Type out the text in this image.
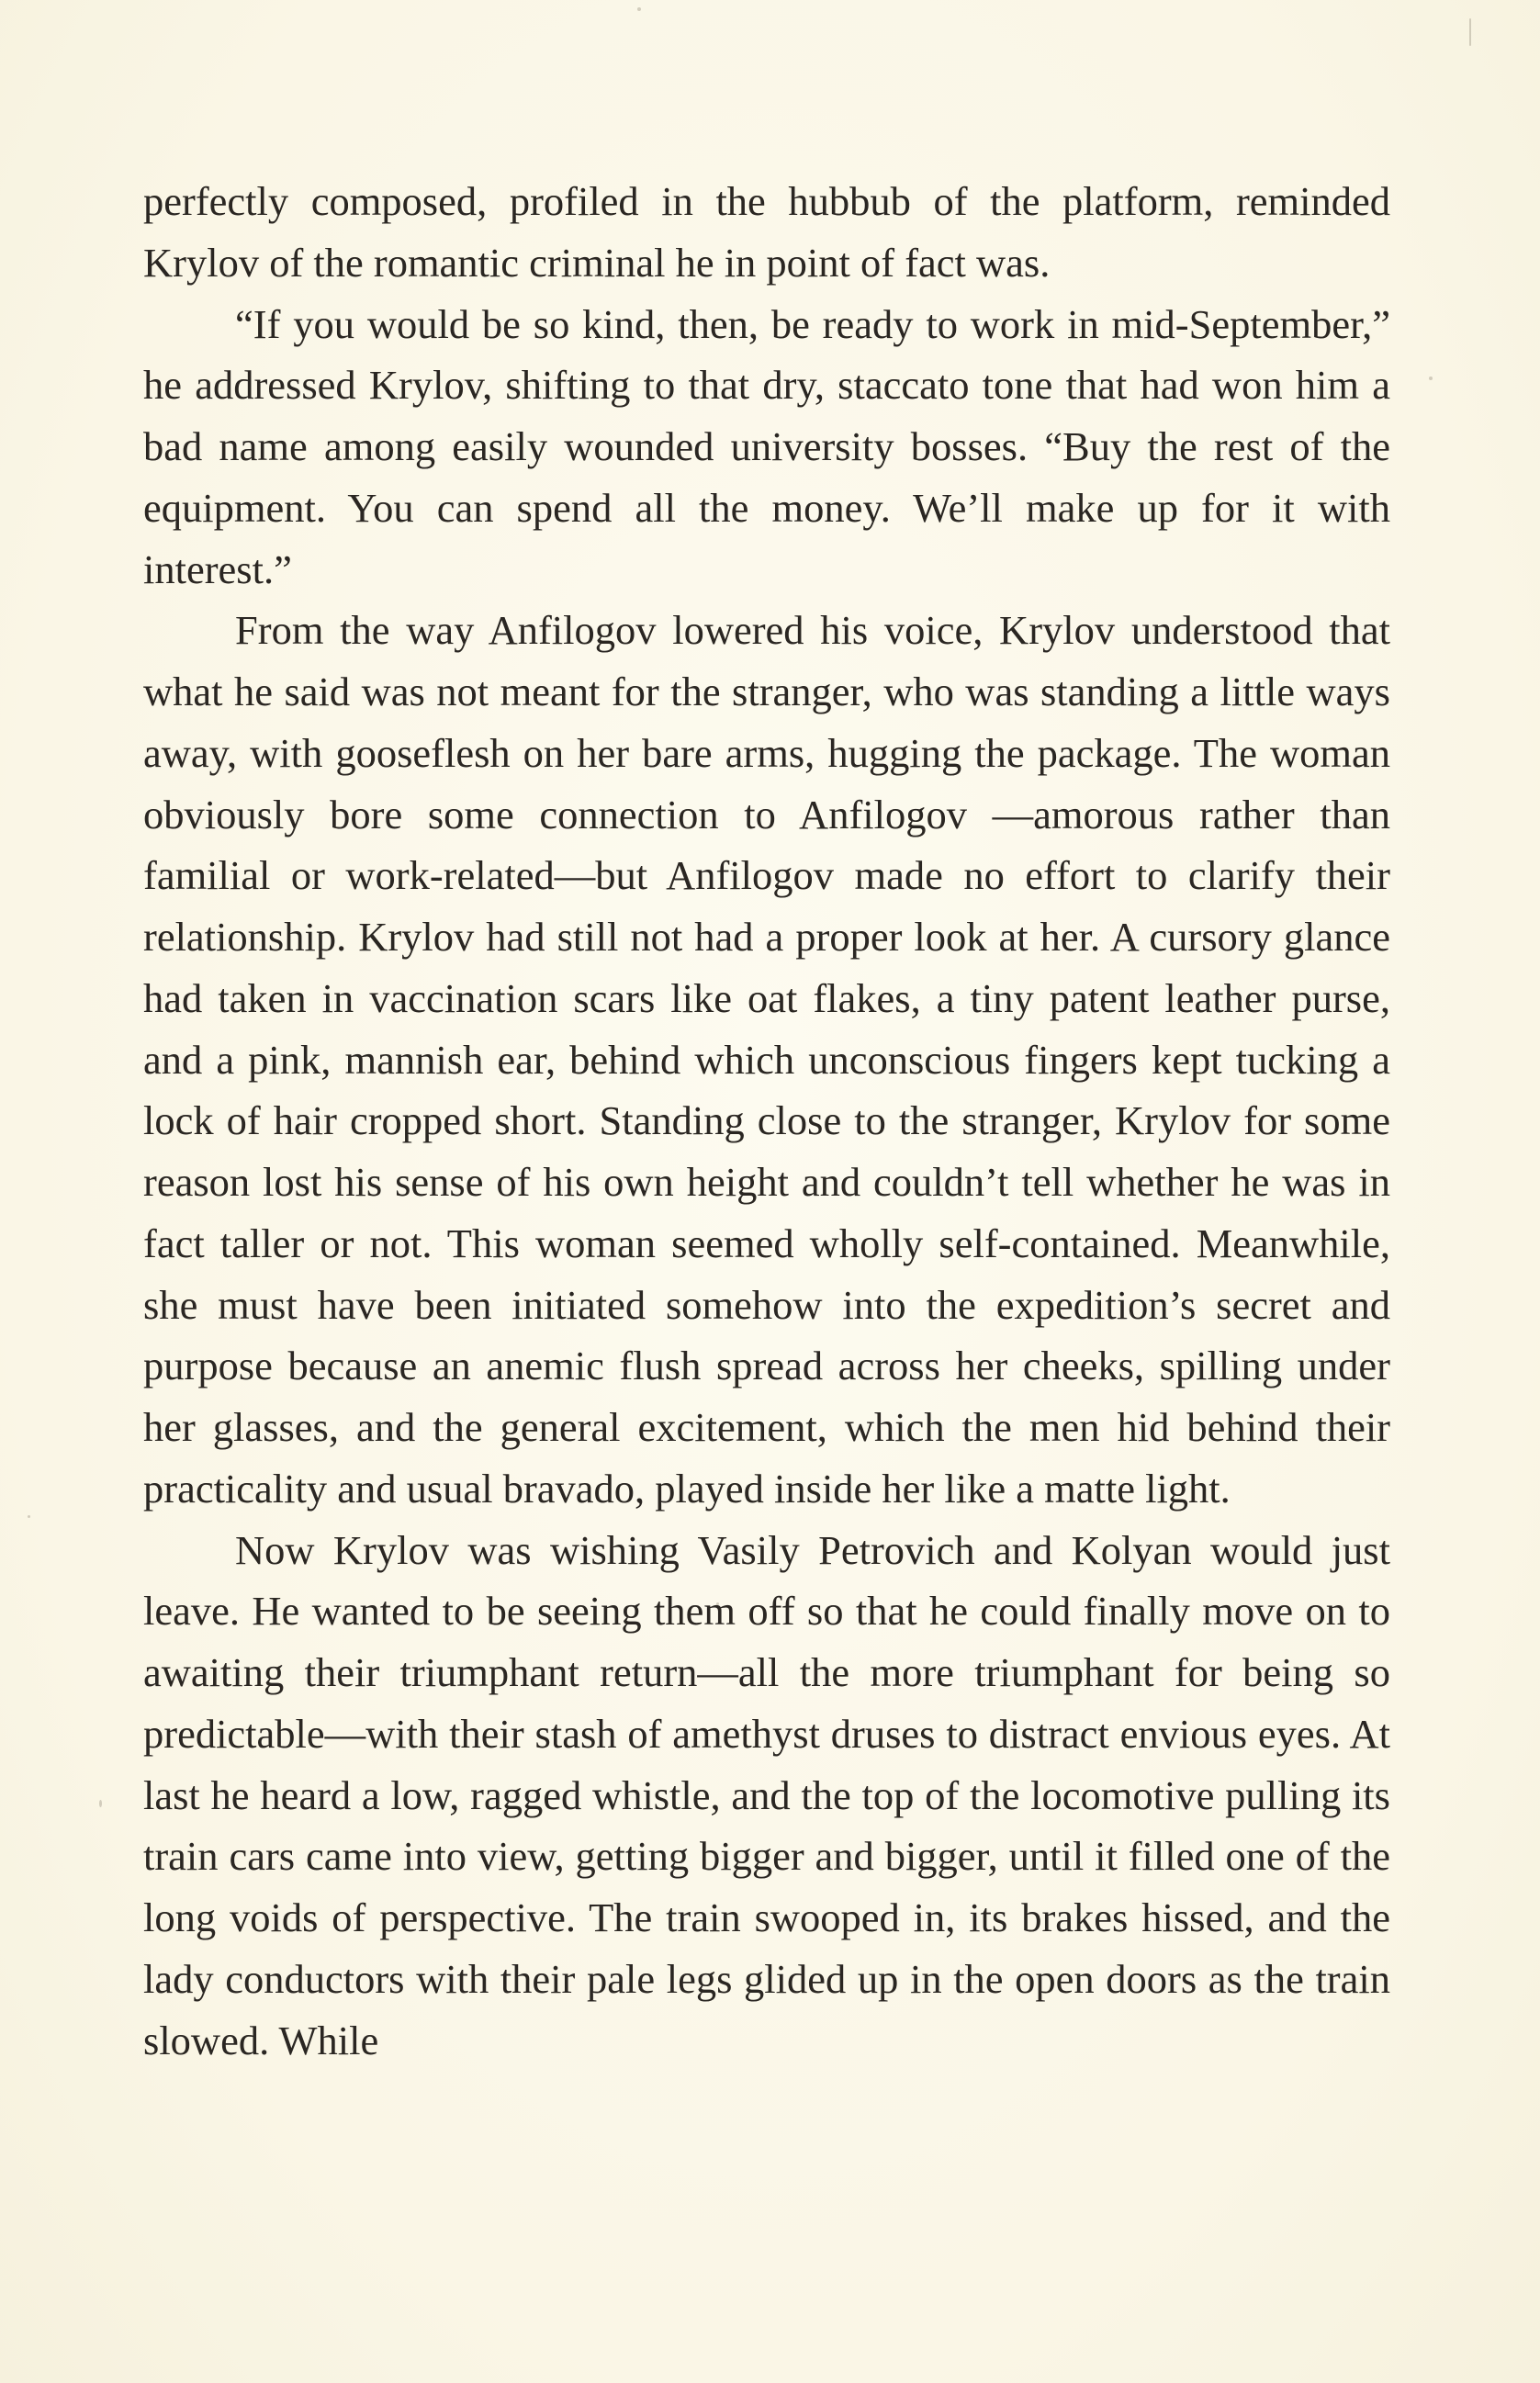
perfectly composed, profiled in the hubbub of the platform, reminded Krylov of the romantic criminal he in point of fact was.

“If you would be so kind, then, be ready to work in mid-September,” he addressed Krylov, shifting to that dry, staccato tone that had won him a bad name among easily wounded university bosses. “Buy the rest of the equipment. You can spend all the money. We’ll make up for it with interest.”

From the way Anfilogov lowered his voice, Krylov understood that what he said was not meant for the stranger, who was standing a little ways away, with gooseflesh on her bare arms, hugging the package. The woman obviously bore some connection to Anfilogov —amorous rather than familial or work-related—but Anfilogov made no effort to clarify their relationship. Krylov had still not had a proper look at her. A cursory glance had taken in vaccination scars like oat flakes, a tiny patent leather purse, and a pink, mannish ear, behind which unconscious fingers kept tucking a lock of hair cropped short. Standing close to the stranger, Krylov for some reason lost his sense of his own height and couldn’t tell whether he was in fact taller or not. This woman seemed wholly self-contained. Meanwhile, she must have been initiated somehow into the expedition’s secret and purpose because an anemic flush spread across her cheeks, spilling under her glasses, and the general excitement, which the men hid behind their practicality and usual bravado, played inside her like a matte light.

Now Krylov was wishing Vasily Petrovich and Kolyan would just leave. He wanted to be seeing them off so that he could finally move on to awaiting their triumphant return—all the more triumphant for being so predictable—with their stash of amethyst druses to distract envious eyes. At last he heard a low, ragged whistle, and the top of the locomotive pulling its train cars came into view, getting bigger and bigger, until it filled one of the long voids of perspective. The train swooped in, its brakes hissed, and the lady conductors with their pale legs glided up in the open doors as the train slowed. While
